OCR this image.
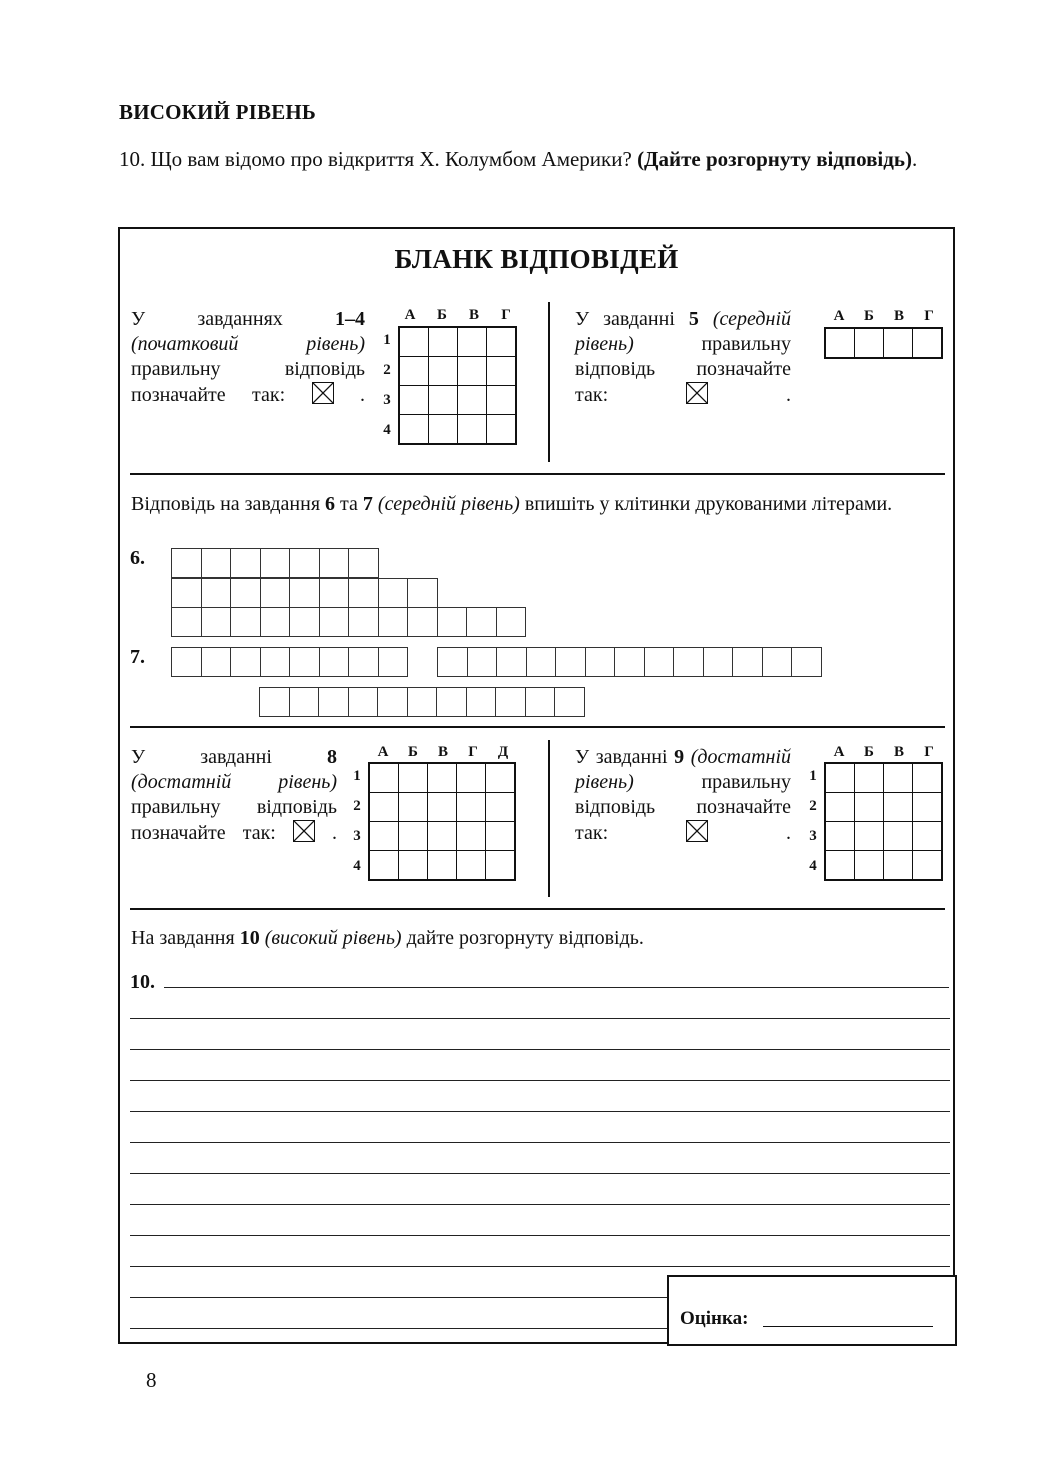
ВИСОКИЙ РІВЕНЬ
10. Що вам відомо про відкриття Х. Колумбом Америки? (Дайте розгорнуту відповідь).
БЛАНК ВІДПОВІДЕЙ
У завданнях 1–4 (початковий рівень) правильну відповідь позначайте так:
.

А	Б	В	Г

1
2
3
4

У завданні 5 (середній рівень) правильну відповідь позначайте так:	.
А	Б	В	Г

Відповідь на завдання 6 та 7 (середній рівень) впишіть у клітинки друкованими літерами.
6.

7.

У завданні 8 (достатній рівень) правильну відповідь позначайте так:
.

А	Б	В	Г	Д

1
2
3
4

У завданні 9 (достатній рівень) правильну відповідь позначайте так:	.

А	Б	В	Г

1
2
3
4

На завдання 10 (високий рівень) дайте розгорнуту відповідь.
10.
Оцінка:
8
